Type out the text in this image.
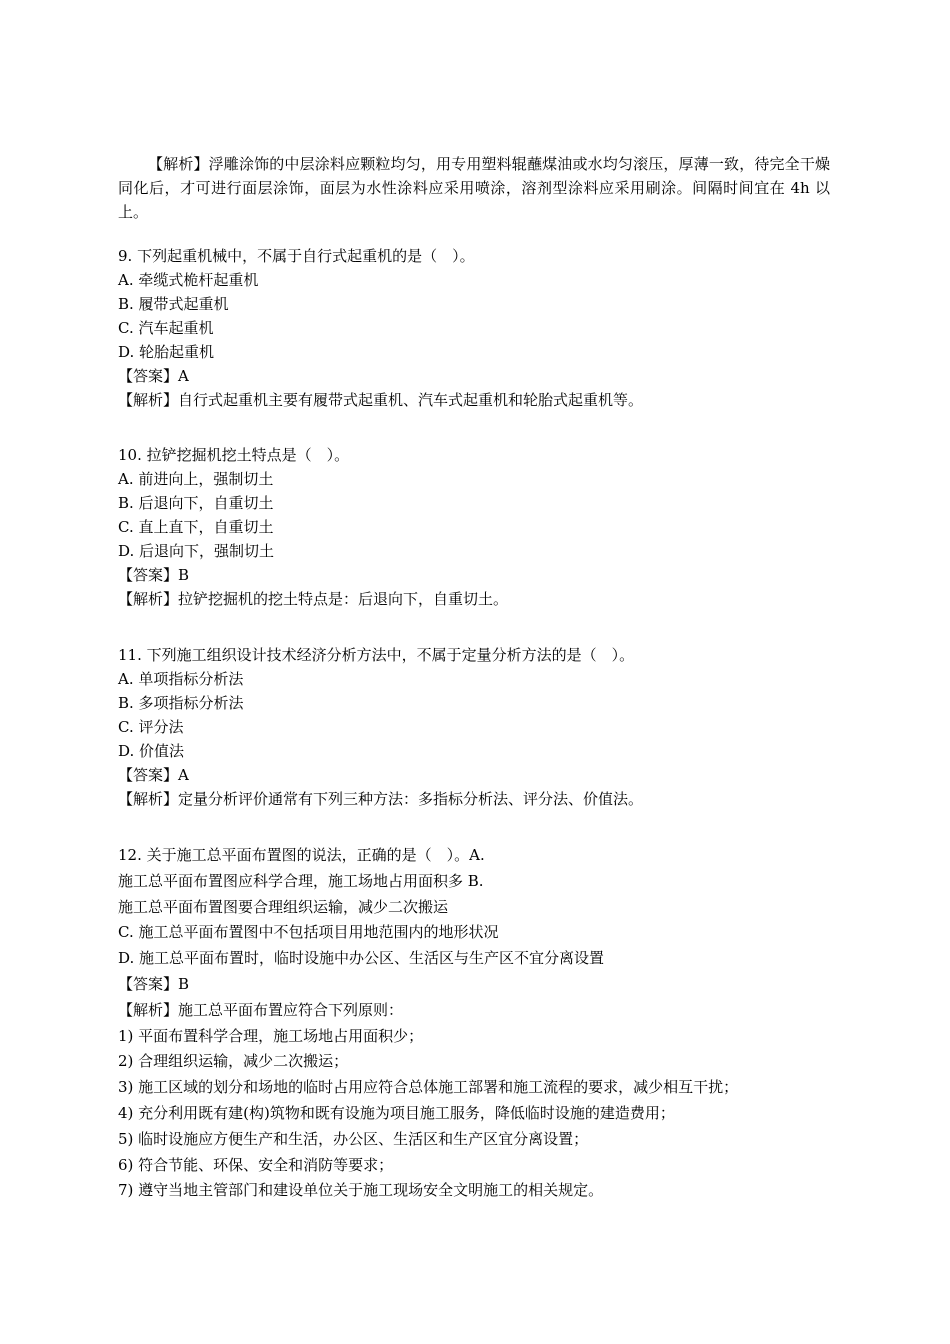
【解析】浮雕涂饰的中层涂料应颗粒均匀，用专用塑料辊蘸煤油或水均匀滚压，厚薄一致，待完全干燥同化后，才可进行面层涂饰，面层为水性涂料应采用喷涂，溶剂型涂料应采用刷涂。间隔时间宜在 4h 以上。

9. 下列起重机械中，不属于自行式起重机的是（　）。
A. 牵缆式桅杆起重机
B. 履带式起重机
C. 汽车起重机
D. 轮胎起重机
【答案】A
【解析】自行式起重机主要有履带式起重机、汽车式起重机和轮胎式起重机等。
10. 拉铲挖掘机挖土特点是（　）。
A. 前进向上，强制切土
B. 后退向下，自重切土
C. 直上直下，自重切土
D. 后退向下，强制切土
【答案】B
【解析】拉铲挖掘机的挖土特点是：后退向下，自重切土。
11. 下列施工组织设计技术经济分析方法中，不属于定量分析方法的是（　）。
A. 单项指标分析法
B. 多项指标分析法
C. 评分法
D. 价值法
【答案】A
【解析】定量分析评价通常有下列三种方法：多指标分析法、评分法、价值法。
12. 关于施工总平面布置图的说法，正确的是（　）。A.
施工总平面布置图应科学合理，施工场地占用面积多 B.
施工总平面布置图要合理组织运输，减少二次搬运
C. 施工总平面布置图中不包括项目用地范围内的地形状况
D. 施工总平面布置时，临时设施中办公区、生活区与生产区不宜分离设置
【答案】B
【解析】施工总平面布置应符合下列原则：
1) 平面布置科学合理，施工场地占用面积少；
2) 合理组织运输，减少二次搬运；
3) 施工区域的划分和场地的临时占用应符合总体施工部署和施工流程的要求，减少相互干扰；
4) 充分利用既有建(构)筑物和既有设施为项目施工服务，降低临时设施的建造费用；
5) 临时设施应方便生产和生活，办公区、生活区和生产区宜分离设置；
6) 符合节能、环保、安全和消防等要求；
7) 遵守当地主管部门和建设单位关于施工现场安全文明施工的相关规定。
